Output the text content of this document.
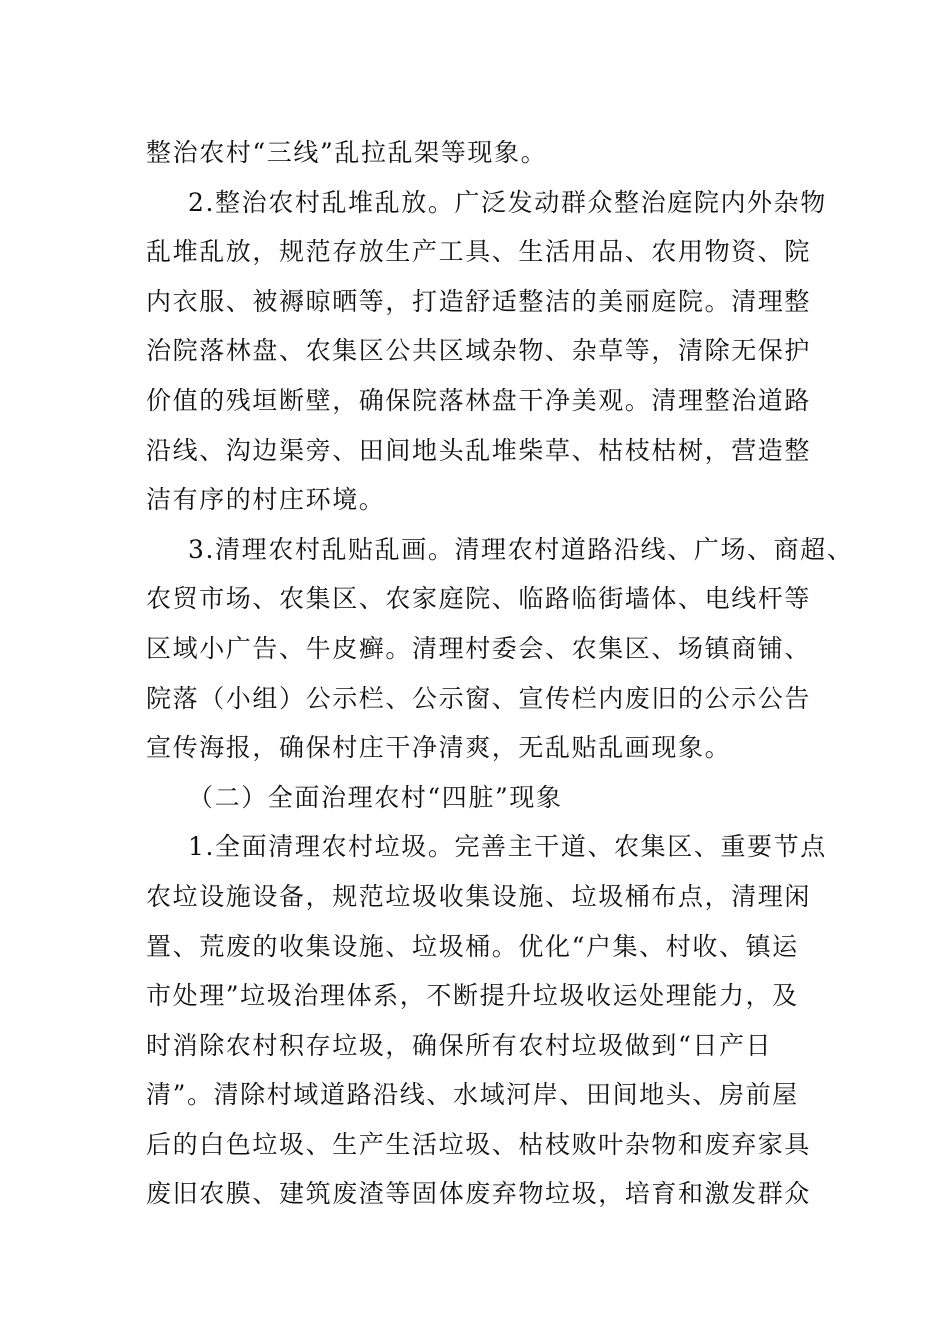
整治农村“三线”乱拉乱架等现象。
2.整治农村乱堆乱放。广泛发动群众整治庭院内外杂物
乱堆乱放，规范存放生产工具、生活用品、农用物资、院
内衣服、被褥晾晒等，打造舒适整洁的美丽庭院。清理整
治院落林盘、农集区公共区域杂物、杂草等，清除无保护
价值的残垣断壁，确保院落林盘干净美观。清理整治道路
沿线、沟边渠旁、田间地头乱堆柴草、枯枝枯树，营造整
洁有序的村庄环境。
3.清理农村乱贴乱画。清理农村道路沿线、广场、商超、
农贸市场、农集区、农家庭院、临路临街墙体、电线杆等
区域小广告、牛皮癣。清理村委会、农集区、场镇商铺、
院落（小组）公示栏、公示窗、宣传栏内废旧的公示公告
宣传海报，确保村庄干净清爽，无乱贴乱画现象。
（二）全面治理农村“四脏”现象
1.全面清理农村垃圾。完善主干道、农集区、重要节点
农垃设施设备，规范垃圾收集设施、垃圾桶布点，清理闲
置、荒废的收集设施、垃圾桶。优化“户集、村收、镇运
市处理”垃圾治理体系，不断提升垃圾收运处理能力，及
时消除农村积存垃圾，确保所有农村垃圾做到“日产日
清”。清除村域道路沿线、水域河岸、田间地头、房前屋
后的白色垃圾、生产生活垃圾、枯枝败叶杂物和废弃家具
废旧农膜、建筑废渣等固体废弃物垃圾，培育和激发群众
